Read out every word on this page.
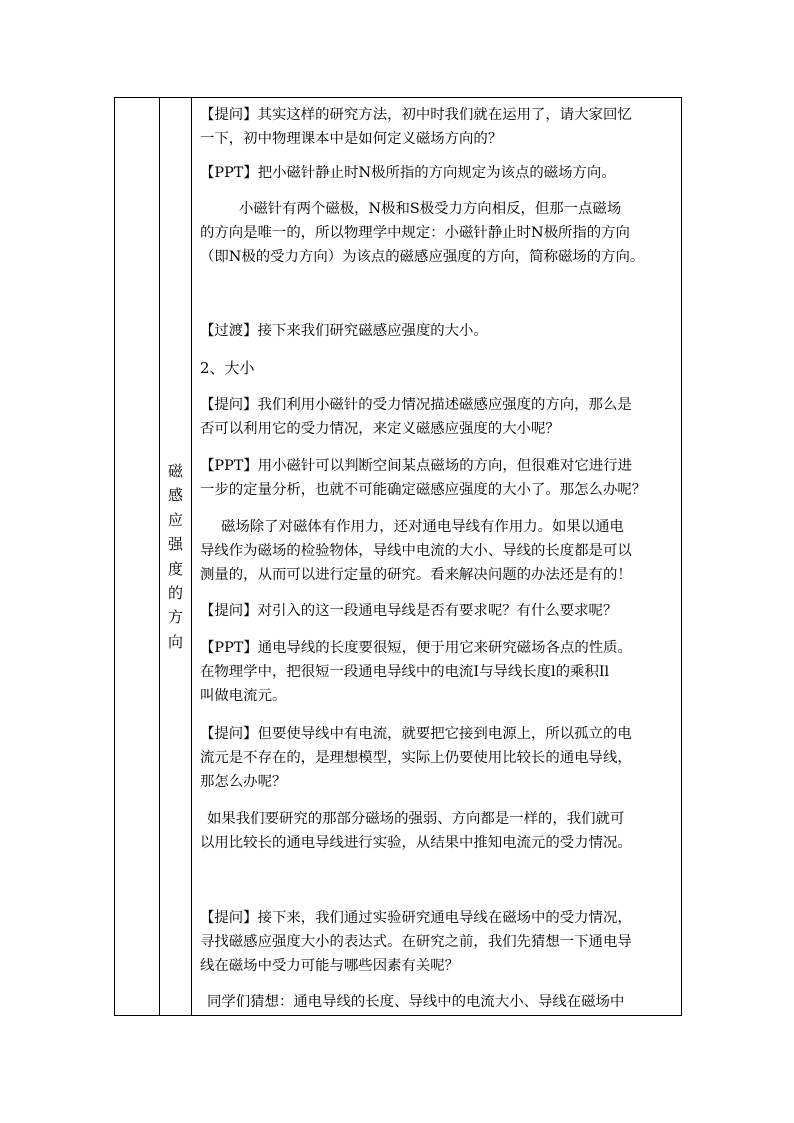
磁
感
应
强
度
的
方
向

【提问】其实这样的研究方法，初中时我们就在运用了，请大家回忆
一下，初中物理课本中是如何定义磁场方向的？
【PPT】把小磁针静止时N极所指的方向规定为该点的磁场方向。
小磁针有两个磁极，N极和S极受力方向相反，但那一点磁场
的方向是唯一的，所以物理学中规定：小磁针静止时N极所指的方向
（即N极的受力方向）为该点的磁感应强度的方向，简称磁场的方向。
【过渡】接下来我们研究磁感应强度的大小。
2、大小
【提问】我们利用小磁针的受力情况描述磁感应强度的方向，那么是
否可以利用它的受力情况，来定义磁感应强度的大小呢？
【PPT】用小磁针可以判断空间某点磁场的方向，但很难对它进行进
一步的定量分析，也就不可能确定磁感应强度的大小了。那怎么办呢？
磁场除了对磁体有作用力，还对通电导线有作用力。如果以通电
导线作为磁场的检验物体，导线中电流的大小、导线的长度都是可以
测量的，从而可以进行定量的研究。看来解决问题的办法还是有的！
【提问】对引入的这一段通电导线是否有要求呢？有什么要求呢？
【PPT】通电导线的长度要很短，便于用它来研究磁场各点的性质。
在物理学中，把很短一段通电导线中的电流I与导线长度l的乘积Il
叫做电流元。
【提问】但要使导线中有电流，就要把它接到电源上，所以孤立的电
流元是不存在的，是理想模型，实际上仍要使用比较长的通电导线，
那怎么办呢？
如果我们要研究的那部分磁场的强弱、方向都是一样的，我们就可
以用比较长的通电导线进行实验，从结果中推知电流元的受力情况。
【提问】接下来，我们通过实验研究通电导线在磁场中的受力情况，
寻找磁感应强度大小的表达式。在研究之前，我们先猜想一下通电导
线在磁场中受力可能与哪些因素有关呢？
同学们猜想：通电导线的长度、导线中的电流大小、导线在磁场中
